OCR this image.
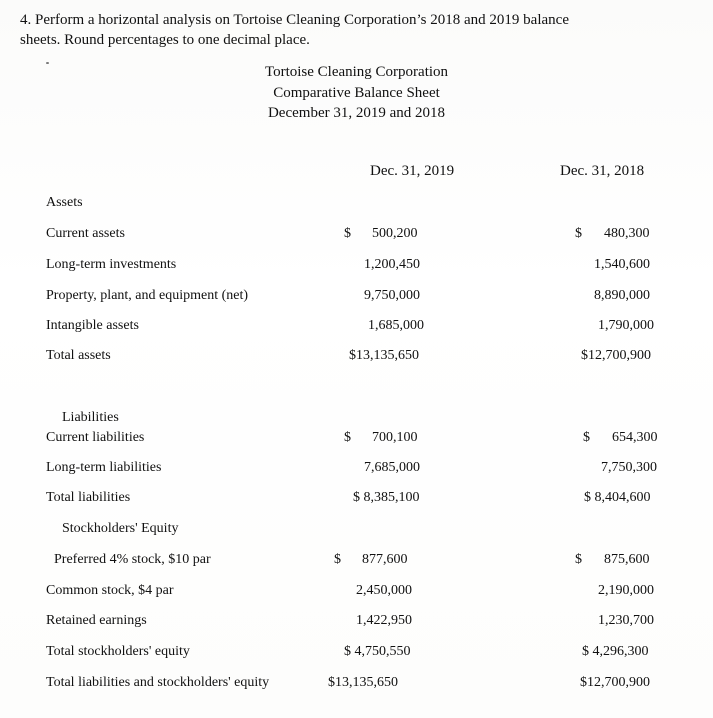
4. Perform a horizontal analysis on Tortoise Cleaning Corporation’s 2018 and 2019 balance
sheets. Round percentages to one decimal place.
Tortoise Cleaning Corporation
Comparative Balance Sheet
December 31, 2019 and 2018
Dec. 31, 2019	Dec. 31, 2018
Assets
Current assets	$ 500,200	$ 480,300
Long-term investments	1,200,450	1,540,600
Property, plant, and equipment (net)	9,750,000	8,890,000
Intangible assets	1,685,000	1,790,000
Total assets	$13,135,650	$12,700,900
Liabilities
Current liabilities	$ 700,100	$ 654,300
Long-term liabilities	7,685,000	7,750,300
Total liabilities	$ 8,385,100	$ 8,404,600
Stockholders' Equity
Preferred 4% stock, $10 par	$ 877,600	$ 875,600
Common stock, $4 par	2,450,000	2,190,000
Retained earnings	1,422,950	1,230,700
Total stockholders' equity	$ 4,750,550	$ 4,296,300
Total liabilities and stockholders' equity	$13,135,650	$12,700,900
